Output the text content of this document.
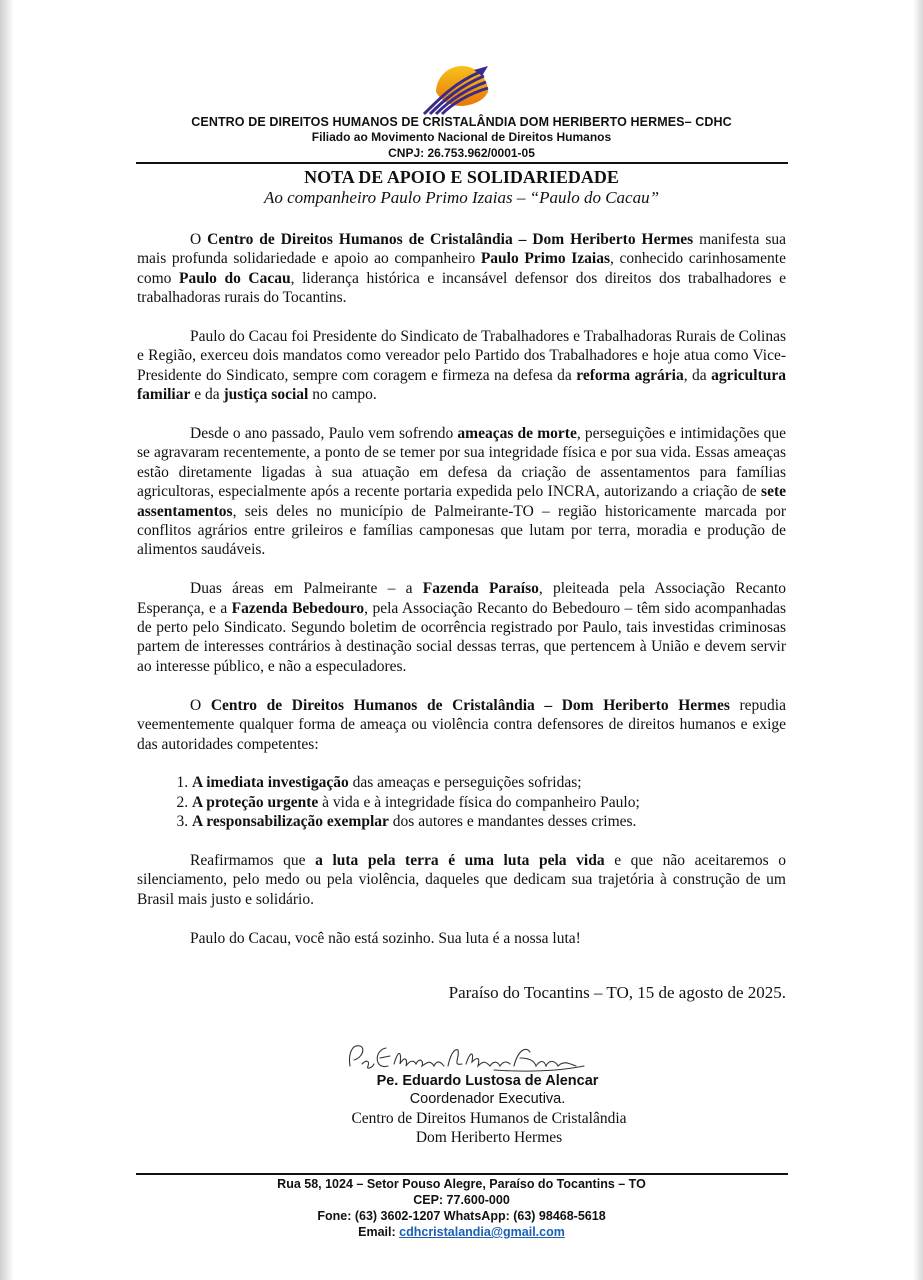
CENTRO DE DIREITOS HUMANOS DE CRISTALÂNDIA DOM HERIBERTO HERMES– CDHC
Filiado ao Movimento Nacional de Direitos Humanos
CNPJ: 26.753.962/0001-05
NOTA DE APOIO E SOLIDARIEDADE
Ao companheiro Paulo Primo Izaias – “Paulo do Cacau”

O Centro de Direitos Humanos de Cristalândia – Dom Heriberto Hermes manifesta sua mais profunda solidariedade e apoio ao companheiro Paulo Primo Izaias, conhecido carinhosamente como Paulo do Cacau, liderança histórica e incansável defensor dos direitos dos trabalhadores e trabalhadoras rurais do Tocantins.

Paulo do Cacau foi Presidente do Sindicato de Trabalhadores e Trabalhadoras Rurais de Colinas e Região, exerceu dois mandatos como vereador pelo Partido dos Trabalhadores e hoje atua como Vice-Presidente do Sindicato, sempre com coragem e firmeza na defesa da reforma agrária, da agricultura familiar e da justiça social no campo.

Desde o ano passado, Paulo vem sofrendo ameaças de morte, perseguições e intimidações que se agravaram recentemente, a ponto de se temer por sua integridade física e por sua vida. Essas ameaças estão diretamente ligadas à sua atuação em defesa da criação de assentamentos para famílias agricultoras, especialmente após a recente portaria expedida pelo INCRA, autorizando a criação de sete assentamentos, seis deles no município de Palmeirante-TO – região historicamente marcada por conflitos agrários entre grileiros e famílias camponesas que lutam por terra, moradia e produção de alimentos saudáveis.

Duas áreas em Palmeirante – a Fazenda Paraíso, pleiteada pela Associação Recanto Esperança, e a Fazenda Bebedouro, pela Associação Recanto do Bebedouro – têm sido acompanhadas de perto pelo Sindicato. Segundo boletim de ocorrência registrado por Paulo, tais investidas criminosas partem de interesses contrários à destinação social dessas terras, que pertencem à União e devem servir ao interesse público, e não a especuladores.

O Centro de Direitos Humanos de Cristalândia – Dom Heriberto Hermes repudia veementemente qualquer forma de ameaça ou violência contra defensores de direitos humanos e exige das autoridades competentes:

1. A imediata investigação das ameaças e perseguições sofridas;
2. A proteção urgente à vida e à integridade física do companheiro Paulo;
3. A responsabilização exemplar dos autores e mandantes desses crimes.

Reafirmamos que a luta pela terra é uma luta pela vida e que não aceitaremos o silenciamento, pelo medo ou pela violência, daqueles que dedicam sua trajetória à construção de um Brasil mais justo e solidário.

Paulo do Cacau, você não está sozinho. Sua luta é a nossa luta!

Paraíso do Tocantins – TO, 15 de agosto de 2025.
Pe. Eduardo Lustosa de Alencar
Coordenador Executiva.
Centro de Direitos Humanos de Cristalândia
Dom Heriberto Hermes
Rua 58, 1024 – Setor Pouso Alegre, Paraíso do Tocantins – TO
CEP: 77.600-000
Fone: (63) 3602-1207 WhatsApp: (63) 98468-5618
Email: cdhcristalandia@gmail.com
